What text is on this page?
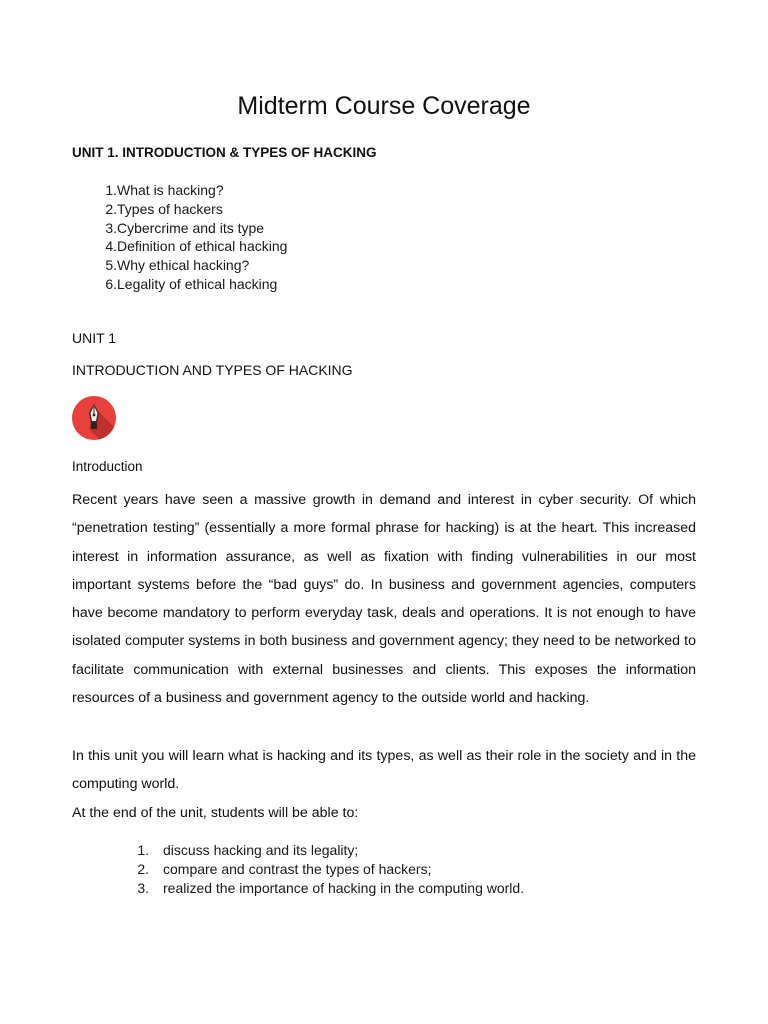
Midterm Course Coverage
UNIT 1. INTRODUCTION & TYPES OF HACKING
1. What is hacking?
2. Types of hackers
3. Cybercrime and its type
4. Definition of ethical hacking
5. Why ethical hacking?
6. Legality of ethical hacking
UNIT 1
INTRODUCTION AND TYPES OF HACKING
Introduction

Recent years have seen a massive growth in demand and interest in cyber security. Of which “penetration testing” (essentially a more formal phrase for hacking) is at the heart. This increased interest in information assurance, as well as fixation with finding vulnerabilities in our most important systems before the “bad guys” do. In business and government agencies, computers have become mandatory to perform everyday task, deals and operations. It is not enough to have isolated computer systems in both business and government agency; they need to be networked to facilitate communication with external businesses and clients. This exposes the information resources of a business and government agency to the outside world and hacking.

In this unit you will learn what is hacking and its types, as well as their role in the society and in the computing world.

At the end of the unit, students will be able to:

1. discuss hacking and its legality;
2. compare and contrast the types of hackers;
3. realized the importance of hacking in the computing world.
